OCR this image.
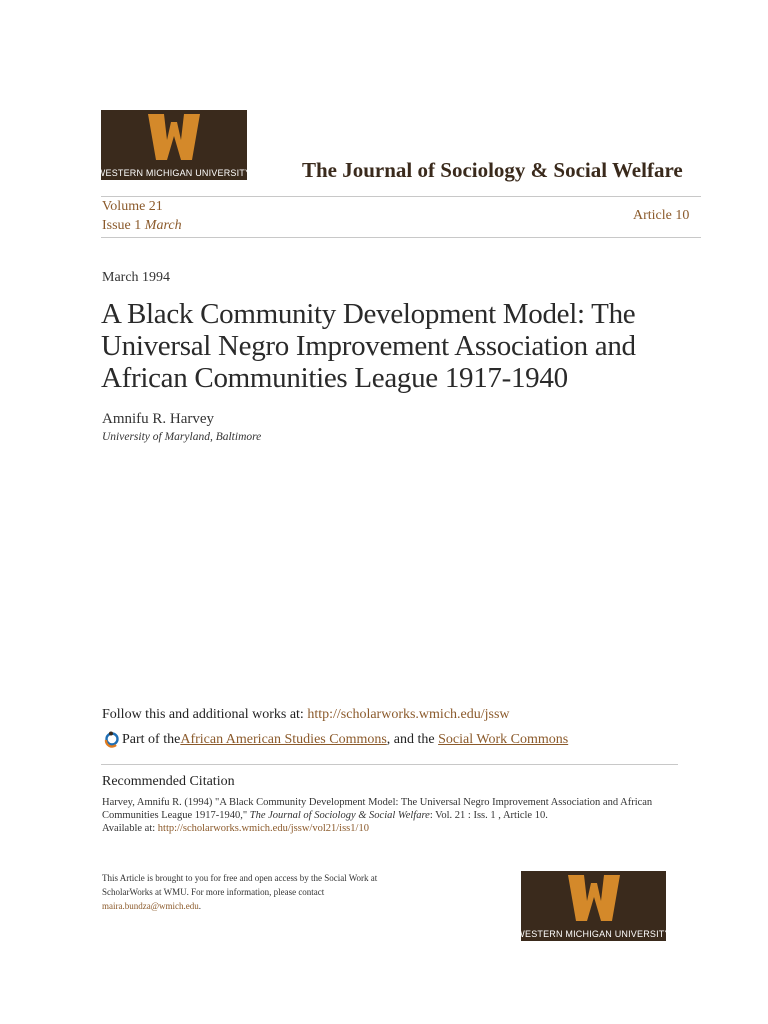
WESTERN MICHIGAN UNIVERSITY The Journal of Sociology & Social Welfare
Volume 21
Issue 1 March
Article 10
March 1994
A Black Community Development Model: The Universal Negro Improvement Association and African Communities League 1917-1940
Amnifu R. Harvey
University of Maryland, Baltimore
Follow this and additional works at: http://scholarworks.wmich.edu/jssw
Part of the African American Studies Commons , and the Social Work Commons
Recommended Citation
Harvey, Amnifu R. (1994) "A Black Community Development Model: The Universal Negro Improvement Association and African Communities League 1917-1940," The Journal of Sociology & Social Welfare: Vol. 21 : Iss. 1 , Article 10.
Available at: http://scholarworks.wmich.edu/jssw/vol21/iss1/10
This Article is brought to you for free and open access by the Social Work at ScholarWorks at WMU. For more information, please contact
maira.bundza@wmich.edu.
WESTERN MICHIGAN UNIVERSITY
